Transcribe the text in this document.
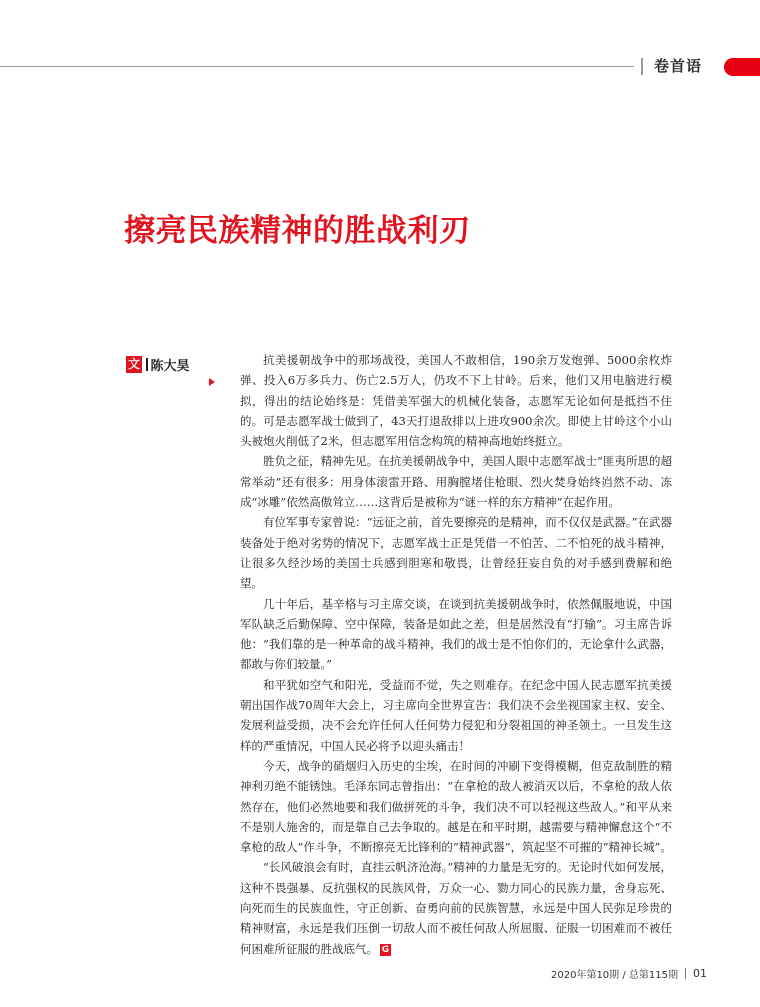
卷首语
擦亮民族精神的胜战利刃
文 陈大昊	抗美援朝战争中的那场战役，美国人不敢相信，190余万发炮弹、5000余枚炸弹、投入6万多兵力、伤亡2.5万人，仍攻不下上甘岭。后来，他们又用电脑进行模拟，得出的结论始终是：凭借美军强大的机械化装备，志愿军无论如何是抵挡不住的。可是志愿军战士做到了，43天打退敌排以上进攻900余次。即使上甘岭这个小山头被炮火削低了2米，但志愿军用信念构筑的精神高地始终挺立。

胜负之征，精神先见。在抗美援朝战争中，美国人眼中志愿军战士“匪夷所思的超常举动”还有很多：用身体滚雷开路、用胸膛堵住枪眼、烈火焚身始终岿然不动、冻成“冰雕”依然高傲耸立……这背后是被称为“谜一样的东方精神”在起作用。

有位军事专家曾说：“远征之前，首先要擦亮的是精神，而不仅仅是武器。”在武器装备处于绝对劣势的情况下，志愿军战士正是凭借一不怕苦、二不怕死的战斗精神，让很多久经沙场的美国士兵感到胆寒和敬畏，让曾经狂妄自负的对手感到费解和绝望。

几十年后，基辛格与习主席交谈，在谈到抗美援朝战争时，依然佩服地说，中国军队缺乏后勤保障、空中保障，装备是如此之差，但是居然没有“打输”。习主席告诉他：“我们靠的是一种革命的战斗精神，我们的战士是不怕你们的，无论拿什么武器，都敢与你们较量。”

和平犹如空气和阳光，受益而不觉，失之则难存。在纪念中国人民志愿军抗美援朝出国作战70周年大会上，习主席向全世界宣告：我们决不会坐视国家主权、安全、发展利益受损，决不会允许任何人任何势力侵犯和分裂祖国的神圣领土。一旦发生这样的严重情况，中国人民必将予以迎头痛击！

今天，战争的硝烟归入历史的尘埃，在时间的冲刷下变得模糊，但克敌制胜的精神利刃绝不能锈蚀。毛泽东同志曾指出：“在拿枪的敌人被消灭以后，不拿枪的敌人依然存在，他们必然地要和我们做拼死的斗争，我们决不可以轻视这些敌人。”和平从来不是别人施舍的，而是靠自己去争取的。越是在和平时期，越需要与精神懈怠这个“不拿枪的敌人”作斗争，不断擦亮无比锋利的“精神武器”，筑起坚不可摧的“精神长城”。

“长风破浪会有时，直挂云帆济沧海。”精神的力量是无穷的。无论时代如何发展，这种不畏强暴、反抗强权的民族风骨，万众一心、勠力同心的民族力量，舍身忘死、向死而生的民族血性，守正创新、奋勇向前的民族智慧，永远是中国人民弥足珍贵的精神财富，永远是我们压倒一切敌人而不被任何敌人所屈服、征服一切困难而不被任何困难所征服的胜战底气。 G

2020年第10期 / 总第115期 01
